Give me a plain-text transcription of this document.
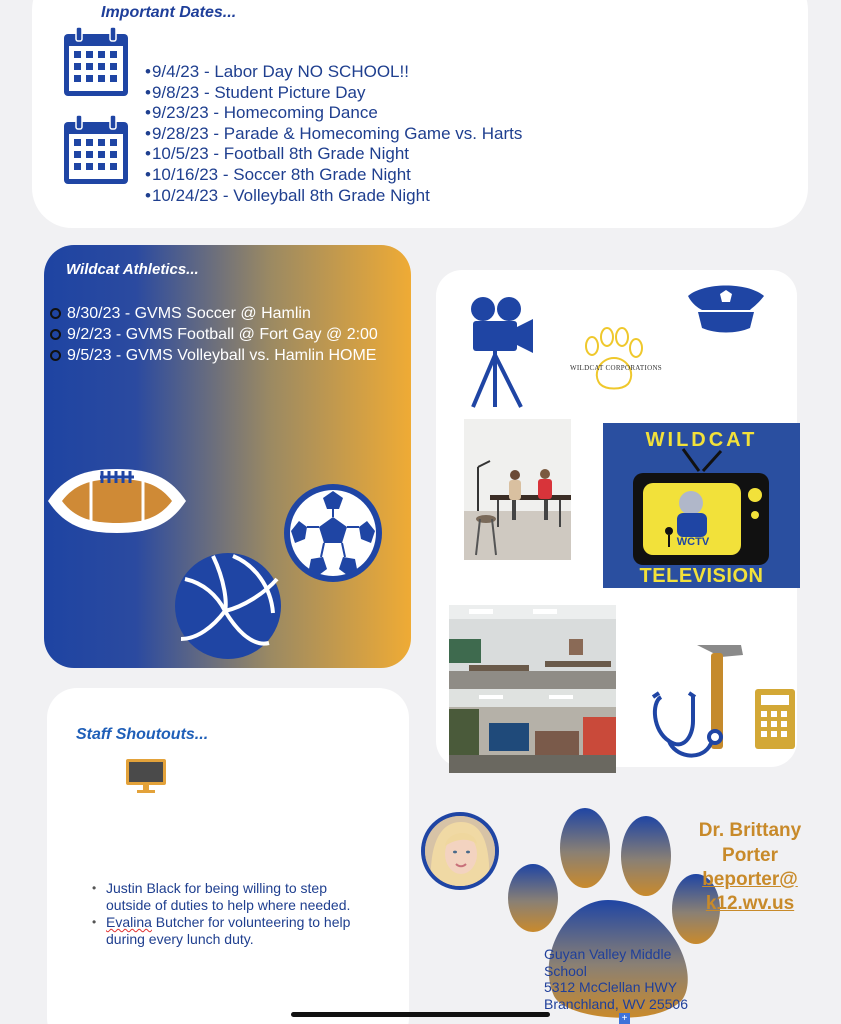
Important Dates...
• 9/4/23 - Labor Day NO SCHOOL!!
• 9/8/23 - Student Picture Day
• 9/23/23 - Homecoming Dance
• 9/28/23 - Parade & Homecoming Game vs. Harts
• 10/5/23 - Football 8th Grade Night
• 10/16/23 - Soccer 8th Grade Night
• 10/24/23 - Volleyball 8th Grade Night
Wildcat Athletics...
8/30/23 - GVMS Soccer @ Hamlin
9/2/23 - GVMS Football @ Fort Gay @ 2:00
9/5/23 - GVMS Volleyball vs. Hamlin HOME
WILDCAT CORPORATIONS
WILDCAT
WCTV
TELEVISION
Staff Shoutouts...
• Justin Black for being willing to step outside of duties to help where needed.
• Evalina Butcher for volunteering to help during every lunch duty.
Dr. Brittany Porter
beporter@ k12.wv.us
Guyan Valley Middle School
5312 McClellan HWY Branchland, WV 25506
+
